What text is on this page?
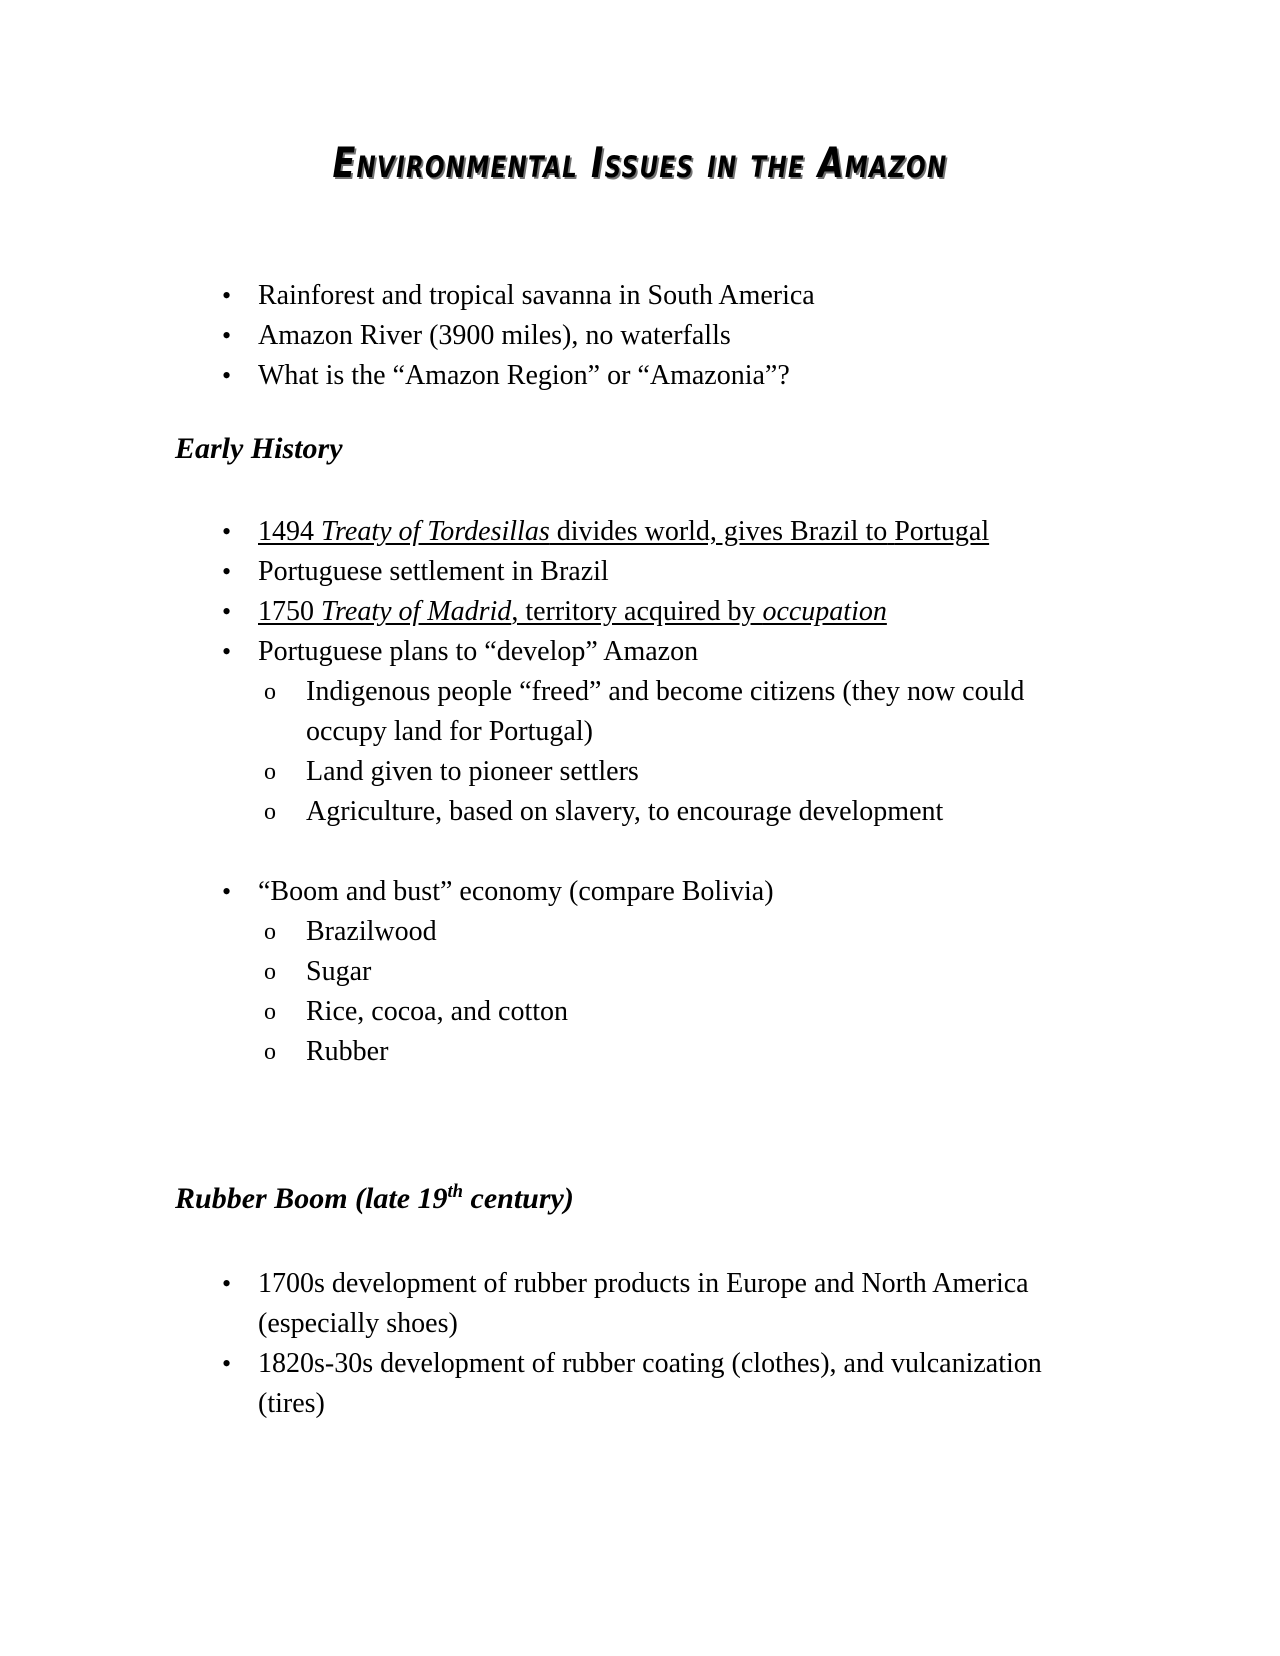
Environmental Issues in the Amazon
• Rainforest and tropical savanna in South America
• Amazon River (3900 miles), no waterfalls
• What is the “Amazon Region” or “Amazonia”?
Early History
• 1494 Treaty of Tordesillas divides world, gives Brazil to Portugal
• Portuguese settlement in Brazil
• 1750 Treaty of Madrid, territory acquired by occupation
• Portuguese plans to “develop” Amazon
o Indigenous people “freed” and become citizens (they now could occupy land for Portugal)
o Land given to pioneer settlers
o Agriculture, based on slavery, to encourage development
• “Boom and bust” economy (compare Bolivia)
o Brazilwood
o Sugar
o Rice, cocoa, and cotton
o Rubber
Rubber Boom (late 19th century)
• 1700s development of rubber products in Europe and North America (especially shoes)
• 1820s-30s development of rubber coating (clothes), and vulcanization (tires)
